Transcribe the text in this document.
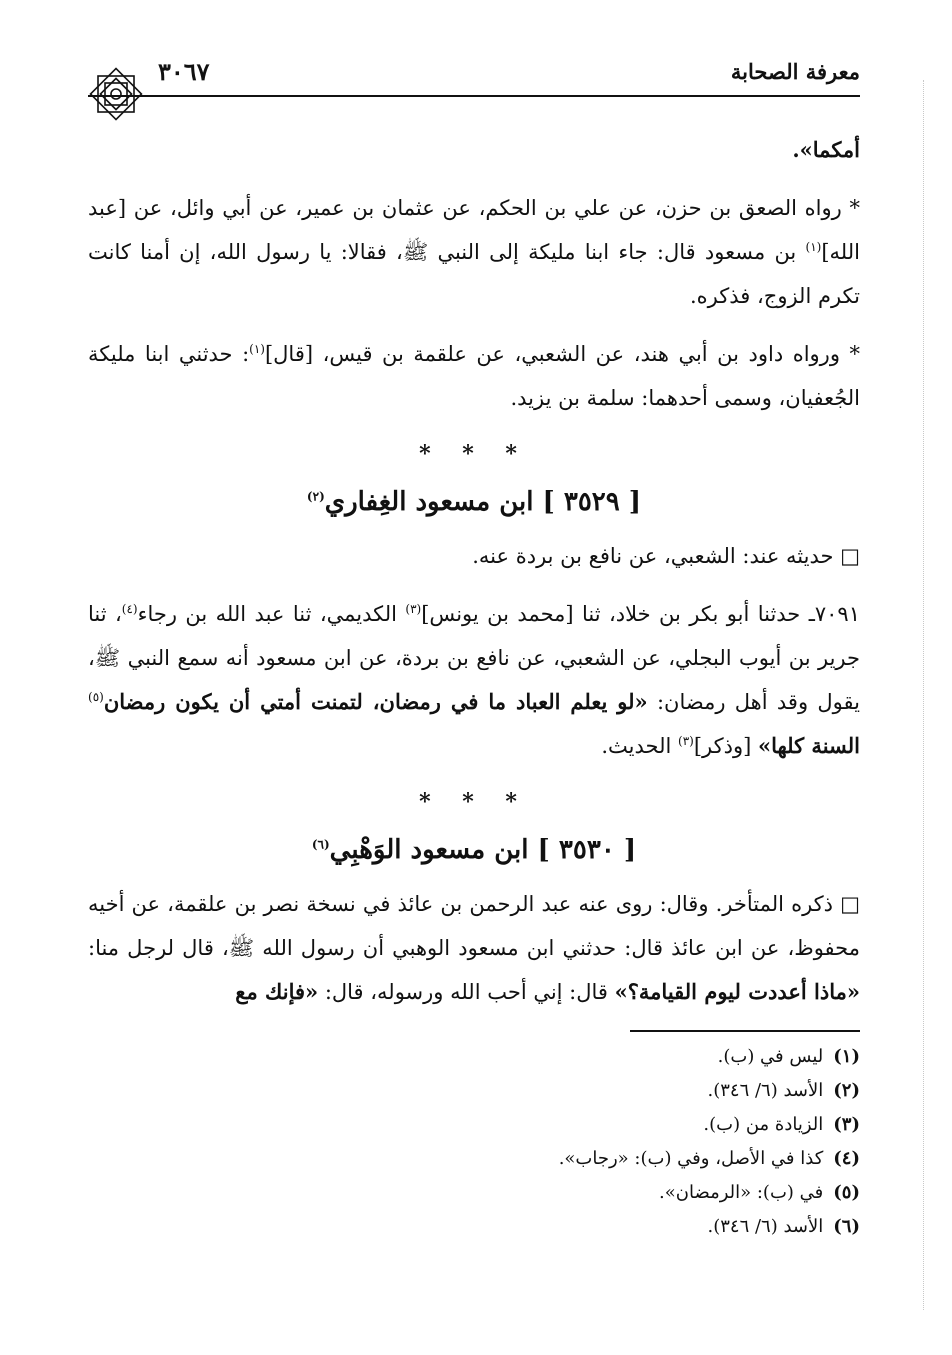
معرفة الصحابة
٣٠٦٧

أمكما».

* رواه الصعق بن حزن، عن علي بن الحكم، عن عثمان بن عمير، عن أبي وائل، عن [عبد الله]$^{(١)}$ بن مسعود قال: جاء ابنا مليكة إلى النبي ﷺ، فقالا: يا رسول الله، إن أمنا كانت تكرم الزوج، فذكره.

* ورواه داود بن أبي هند، عن الشعبي، عن علقمة بن قيس، [قال]$^{(١)}$: حدثني ابنا مليكة الجُعفيان، وسمى أحدهما: سلمة بن يزيد.

* * *
[ ٣٥٢٩ ] ابن مسعود الغِفاري$^{(٢)}$

□ حديثه عند: الشعبي، عن نافع بن بردة عنه.

٧٠٩١ـ حدثنا أبو بكر بن خلاد، ثنا [محمد بن يونس]$^{(٣)}$ الكديمي، ثنا عبد الله بن رجاء$^{(٤)}$، ثنا جرير بن أيوب البجلي، عن الشعبي، عن نافع بن بردة، عن ابن مسعود أنه سمع النبي ﷺ، يقول وقد أهل رمضان: «لو يعلم العباد ما في رمضان، لتمنت أمتي أن يكون رمضان$^{(٥)}$ السنة كلها» [وذكر]$^{(٣)}$ الحديث.

* * *
[ ٣٥٣٠ ] ابن مسعود الوَهْبِي$^{(٦)}$

□ ذكره المتأخر. وقال: روى عنه عبد الرحمن بن عائذ في نسخة نصر بن علقمة، عن أخيه محفوظ، عن ابن عائذ قال: حدثني ابن مسعود الوهبي أن رسول الله ﷺ، قال لرجل منا: «ماذا أعددت ليوم القيامة؟» قال: إني أحب الله ورسوله، قال: «فإنك مع

(١)ليس في (ب).
(٢)الأسد (٦/ ٣٤٦).
(٣)الزيادة من (ب).
(٤)كذا في الأصل، وفي (ب): «رجاب».
(٥)في (ب): «الرمضان».
(٦)الأسد (٦/ ٣٤٦).
